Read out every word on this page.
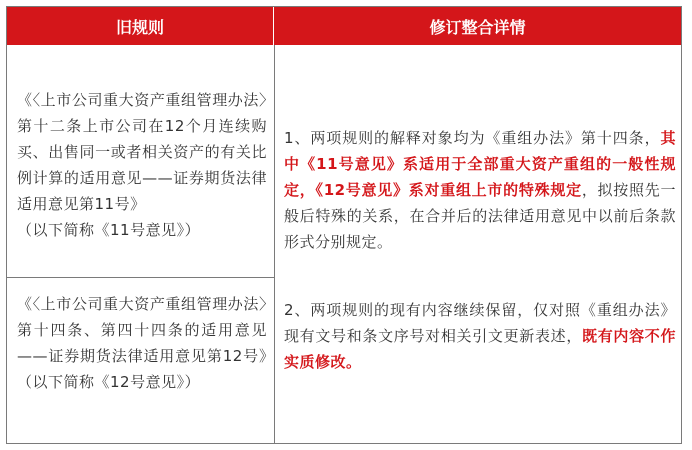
旧规则	修订整合详情

《〈上市公司重大资产重组管理办法〉第十二条上市公司在12个月连续购买、出售同一或者相关资产的有关比例计算的适用意见——证券期货法律适用意见第11号》

（以下简称《11号意见》）

《〈上市公司重大资产重组管理办法〉第十四条、第四十四条的适用意见——证券期货法律适用意见第12号》（以下简称《12号意见》）

1、两项规则的解释对象均为《重组办法》第十四条，其中《11号意见》系适用于全部重大资产重组的一般性规定，《12号意见》系对重组上市的特殊规定，拟按照先一般后特殊的关系，在合并后的法律适用意见中以前后条款形式分别规定。
2、两项规则的现有内容继续保留，仅对照《重组办法》现有文号和条文序号对相关引文更新表述，既有内容不作实质修改。
